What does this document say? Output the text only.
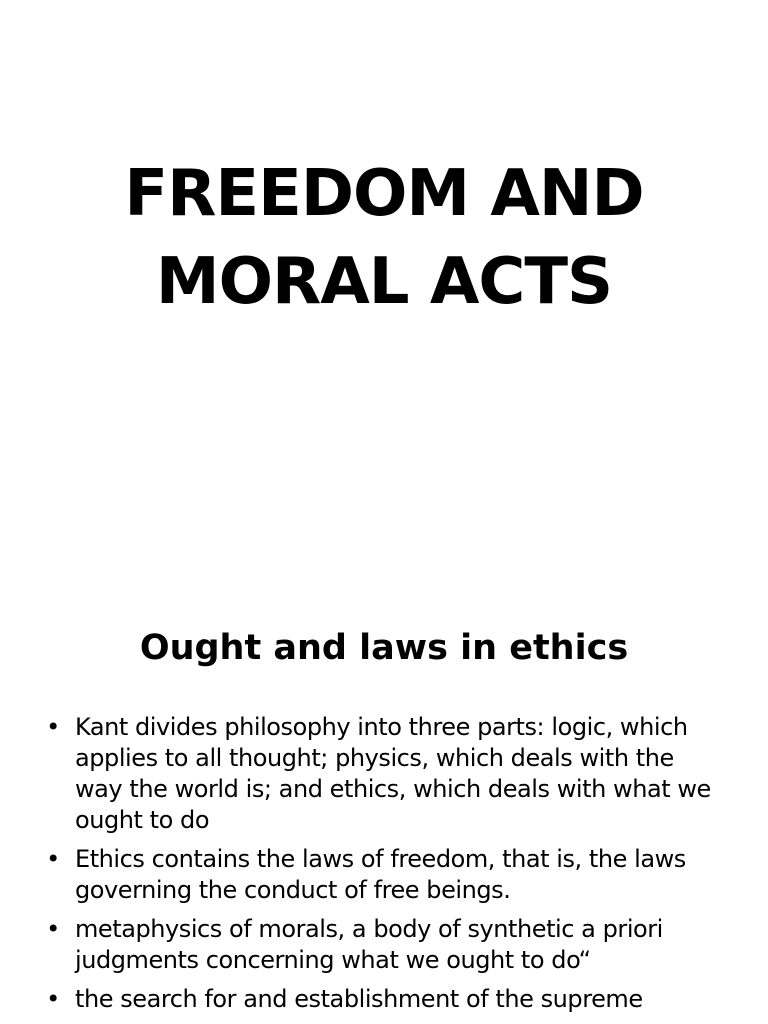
FREEDOM AND
MORAL ACTS
Ought and laws in ethics
• Kant divides philosophy into three parts: logic, which applies to all thought; physics, which deals with the way the world is; and ethics, which deals with what we ought to do
• Ethics contains the laws of freedom, that is, the laws governing the conduct of free beings.
• metaphysics of morals, a body of synthetic a priori judgments concerning what we ought to do“
• the search for and establishment of the supreme
